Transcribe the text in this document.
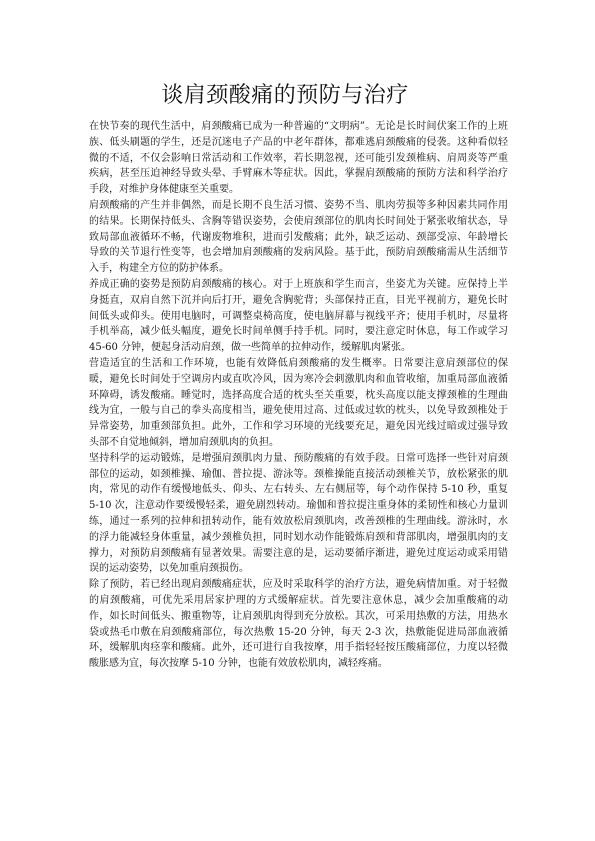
谈肩颈酸痛的预防与治疗

在快节奏的现代生活中，肩颈酸痛已成为一种普遍的“文明病”。无论是长时间伏案工作的上班族、低头刷题的学生，还是沉迷电子产品的中老年群体，都难逃肩颈酸痛的侵袭。这种看似轻微的不适，不仅会影响日常活动和工作效率，若长期忽视，还可能引发颈椎病、肩周炎等严重疾病，甚至压迫神经导致头晕、手臂麻木等症状。因此，掌握肩颈酸痛的预防方法和科学治疗手段，对维护身体健康至关重要。

肩颈酸痛的产生并非偶然，而是长期不良生活习惯、姿势不当、肌肉劳损等多种因素共同作用的结果。长期保持低头、含胸等错误姿势，会使肩颈部位的肌肉长时间处于紧张收缩状态，导致局部血液循环不畅，代谢废物堆积，进而引发酸痛；此外，缺乏运动、颈部受凉、年龄增长导致的关节退行性变等，也会增加肩颈酸痛的发病风险。基于此，预防肩颈酸痛需从生活细节入手，构建全方位的防护体系。

养成正确的姿势是预防肩颈酸痛的核心。对于上班族和学生而言，坐姿尤为关键。应保持上半身挺直，双肩自然下沉并向后打开，避免含胸驼背；头部保持正直，目光平视前方，避免长时间低头或仰头。使用电脑时，可调整桌椅高度，使电脑屏幕与视线平齐；使用手机时，尽量将手机举高，减少低头幅度，避免长时间单侧手持手机。同时，要注意定时休息，每工作或学习 45-60 分钟，便起身活动肩颈，做一些简单的拉伸动作，缓解肌肉紧张。

营造适宜的生活和工作环境，也能有效降低肩颈酸痛的发生概率。日常要注意肩颈部位的保暖，避免长时间处于空调房内或直吹冷风，因为寒冷会刺激肌肉和血管收缩，加重局部血液循环障碍，诱发酸痛。睡觉时，选择高度合适的枕头至关重要，枕头高度以能支撑颈椎的生理曲线为宜，一般与自己的拳头高度相当，避免使用过高、过低或过软的枕头，以免导致颈椎处于异常姿势，加重颈部负担。此外，工作和学习环境的光线要充足，避免因光线过暗或过强导致头部不自觉地倾斜，增加肩颈肌肉的负担。

坚持科学的运动锻炼，是增强肩颈肌肉力量、预防酸痛的有效手段。日常可选择一些针对肩颈部位的运动，如颈椎操、瑜伽、普拉提、游泳等。颈椎操能直接活动颈椎关节，放松紧张的肌肉，常见的动作有缓慢地低头、仰头、左右转头、左右侧屈等，每个动作保持 5-10 秒，重复 5-10 次，注意动作要缓慢轻柔，避免剧烈转动。瑜伽和普拉提注重身体的柔韧性和核心力量训练，通过一系列的拉伸和扭转动作，能有效放松肩颈肌肉，改善颈椎的生理曲线。游泳时，水的浮力能减轻身体重量，减少颈椎负担，同时划水动作能锻炼肩颈和背部肌肉，增强肌肉的支撑力，对预防肩颈酸痛有显著效果。需要注意的是，运动要循序渐进，避免过度运动或采用错误的运动姿势，以免加重肩颈损伤。

除了预防，若已经出现肩颈酸痛症状，应及时采取科学的治疗方法，避免病情加重。对于轻微的肩颈酸痛，可优先采用居家护理的方式缓解症状。首先要注意休息，减少会加重酸痛的动作，如长时间低头、搬重物等，让肩颈肌肉得到充分放松。其次，可采用热敷的方法，用热水袋或热毛巾敷在肩颈酸痛部位，每次热敷 15-20 分钟，每天 2-3 次，热敷能促进局部血液循环，缓解肌肉痉挛和酸痛。此外，还可进行自我按摩，用手指轻轻按压酸痛部位，力度以轻微酸胀感为宜，每次按摩 5-10 分钟，也能有效放松肌肉，减轻疼痛。
